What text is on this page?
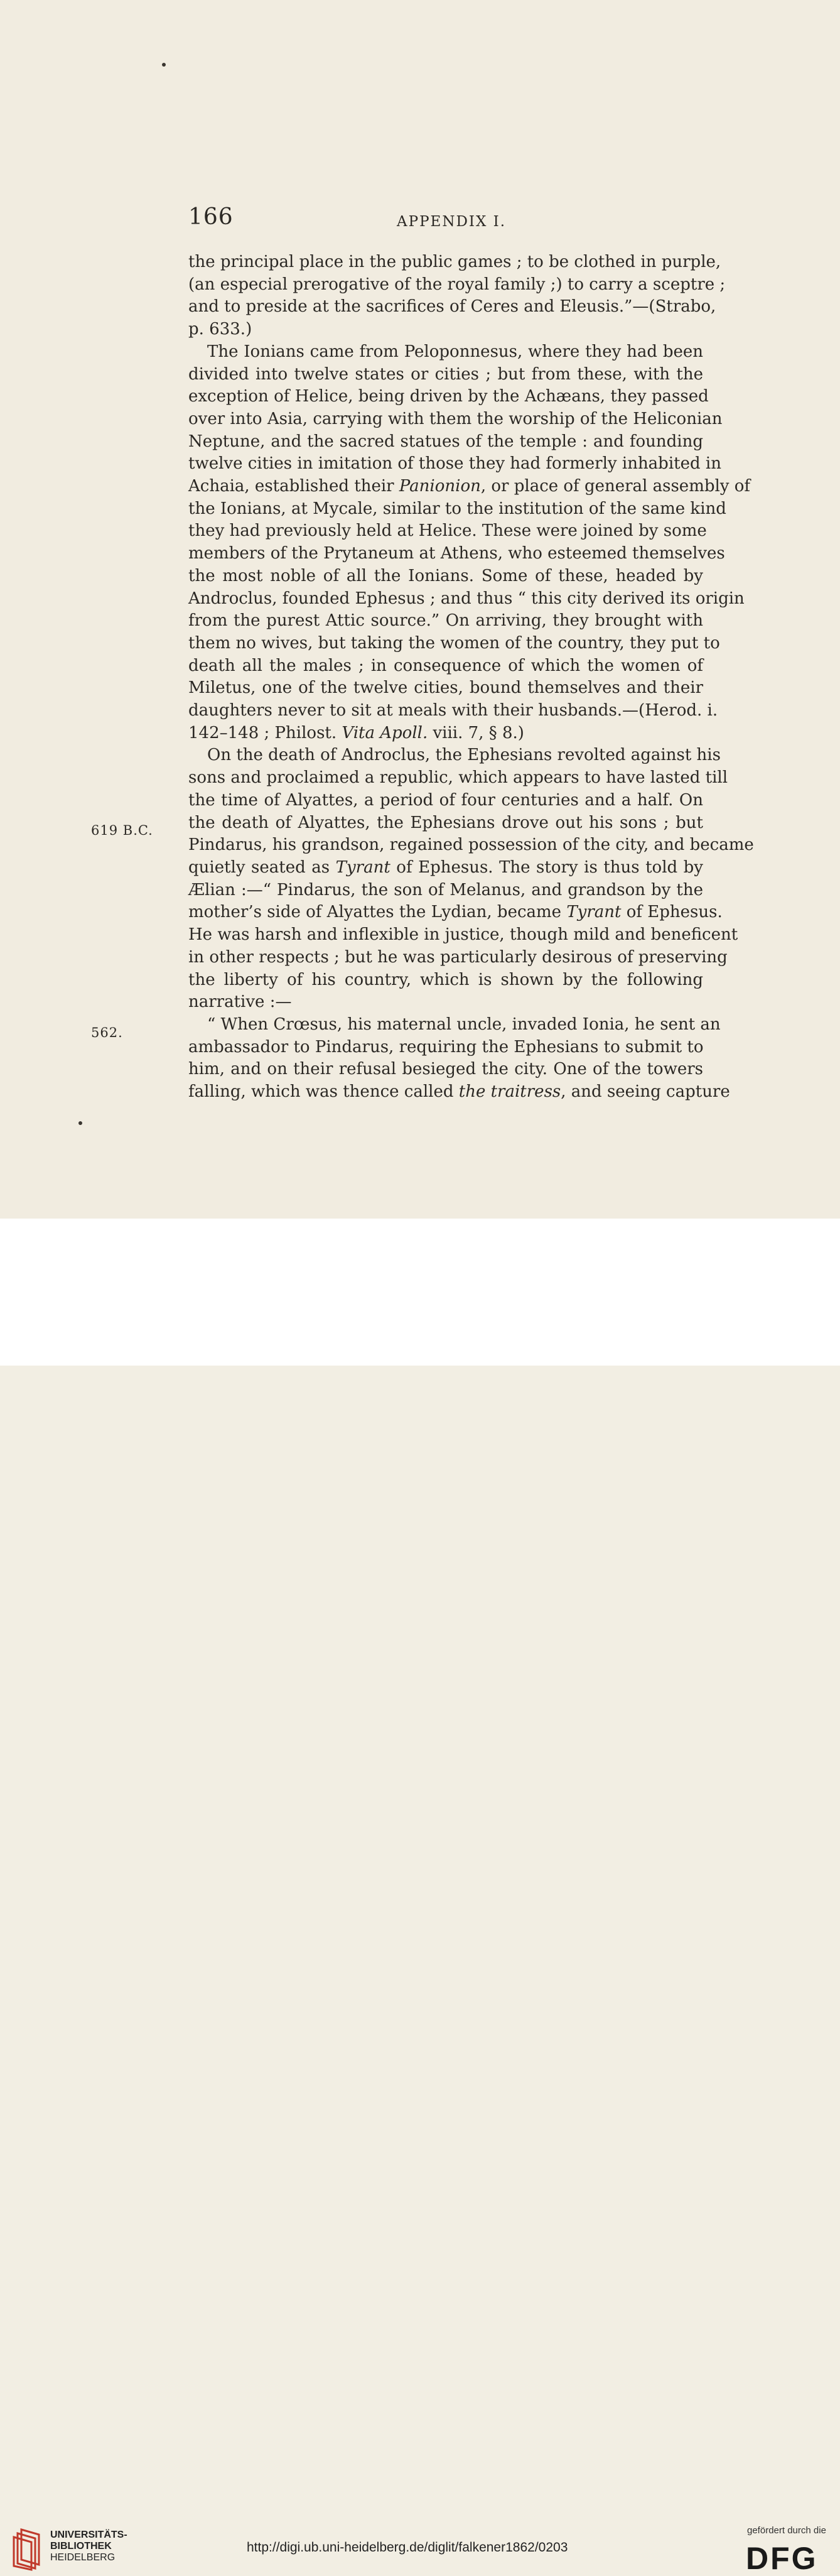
166	APPENDIX I.
the principal place in the public games ; to be clothed in purple,
(an especial prerogative of the royal family ;) to carry a sceptre ;
and to preside at the sacrifices of Ceres and Eleusis.”—(Strabo,
p. 633.)
The Ionians came from Peloponnesus, where they had been
divided into twelve states or cities ; but from these, with the
exception of Helice, being driven by the Achæans, they passed
over into Asia, carrying with them the worship of the Heliconian
Neptune, and the sacred statues of the temple : and founding
twelve cities in imitation of those they had formerly inhabited in
Achaia, established their Panionion, or place of general assembly of
the Ionians, at Mycale, similar to the institution of the same kind
they had previously held at Helice. These were joined by some
members of the Prytaneum at Athens, who esteemed themselves
the most noble of all the Ionians. Some of these, headed by
Androclus, founded Ephesus ; and thus “ this city derived its origin
from the purest Attic source.” On arriving, they brought with
them no wives, but taking the women of the country, they put to
death all the males ; in consequence of which the women of
Miletus, one of the twelve cities, bound themselves and their
daughters never to sit at meals with their husbands.—(Herod. i.
142–148 ; Philost. Vita Apoll. viii. 7, § 8.)
On the death of Androclus, the Ephesians revolted against his
sons and proclaimed a republic, which appears to have lasted till
the time of Alyattes, a period of four centuries and a half. On
the death of Alyattes, the Ephesians drove out his sons ; but
Pindarus, his grandson, regained possession of the city, and became
quietly seated as Tyrant of Ephesus. The story is thus told by
Ælian :—“ Pindarus, the son of Melanus, and grandson by the
mother’s side of Alyattes the Lydian, became Tyrant of Ephesus.
He was harsh and inflexible in justice, though mild and beneficent
in other respects ; but he was particularly desirous of preserving
the liberty of his country, which is shown by the following
narrative :—
“ When Crœsus, his maternal uncle, invaded Ionia, he sent an
ambassador to Pindarus, requiring the Ephesians to submit to
him, and on their refusal besieged the city. One of the towers
falling, which was thence called the traitress, and seeing capture
619 B.C.
562.
UNIVERSITÄTS-
BIBLIOTHEK
HEIDELBERG
http://digi.ub.uni-heidelberg.de/diglit/falkener1862/0203
gefördert durch die
DFG
